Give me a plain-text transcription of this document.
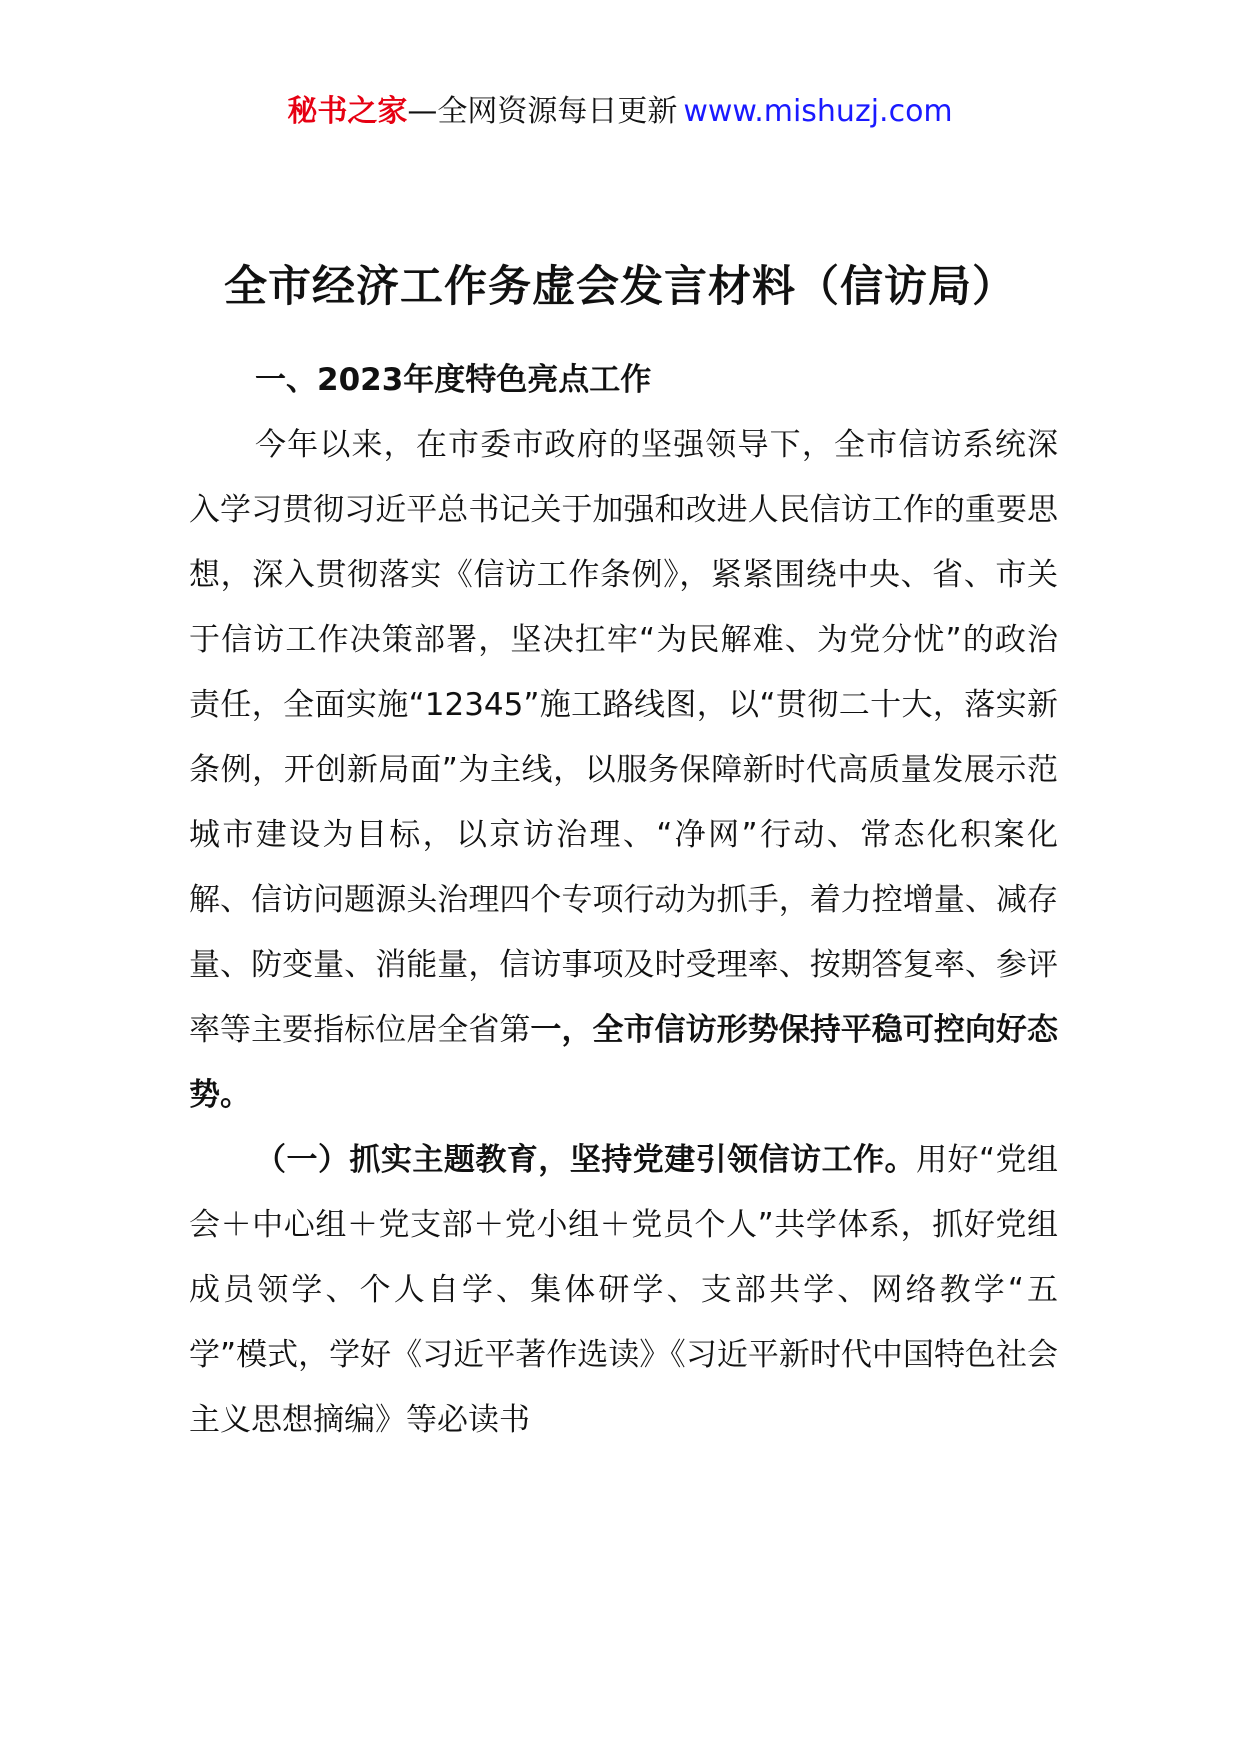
秘书之家—全网资源每日更新 www.mishuzj.com
全市经济工作务虚会发言材料（信访局）

一、2023年度特色亮点工作

今年以来，在市委市政府的坚强领导下，全市信访系统深入学习贯彻习近平总书记关于加强和改进人民信访工作的重要思想，深入贯彻落实《信访工作条例》，紧紧围绕中央、省、市关于信访工作决策部署，坚决扛牢“为民解难、为党分忧”的政治责任，全面实施“12345”施工路线图，以“贯彻二十大，落实新条例，开创新局面”为主线，以服务保障新时代高质量发展示范城市建设为目标，以京访治理、“净网”行动、常态化积案化解、信访问题源头治理四个专项行动为抓手，着力控增量、减存量、防变量、消能量，信访事项及时受理率、按期答复率、参评率等主要指标位居全省第一，全市信访形势保持平稳可控向好态势。

（一）抓实主题教育，坚持党建引领信访工作。用好“党组会＋中心组＋党支部＋党小组＋党员个人”共学体系，抓好党组成员领学、个人自学、集体研学、支部共学、网络教学“五学”模式，学好《习近平著作选读》《习近平新时代中国特色社会主义思想摘编》等必读书
